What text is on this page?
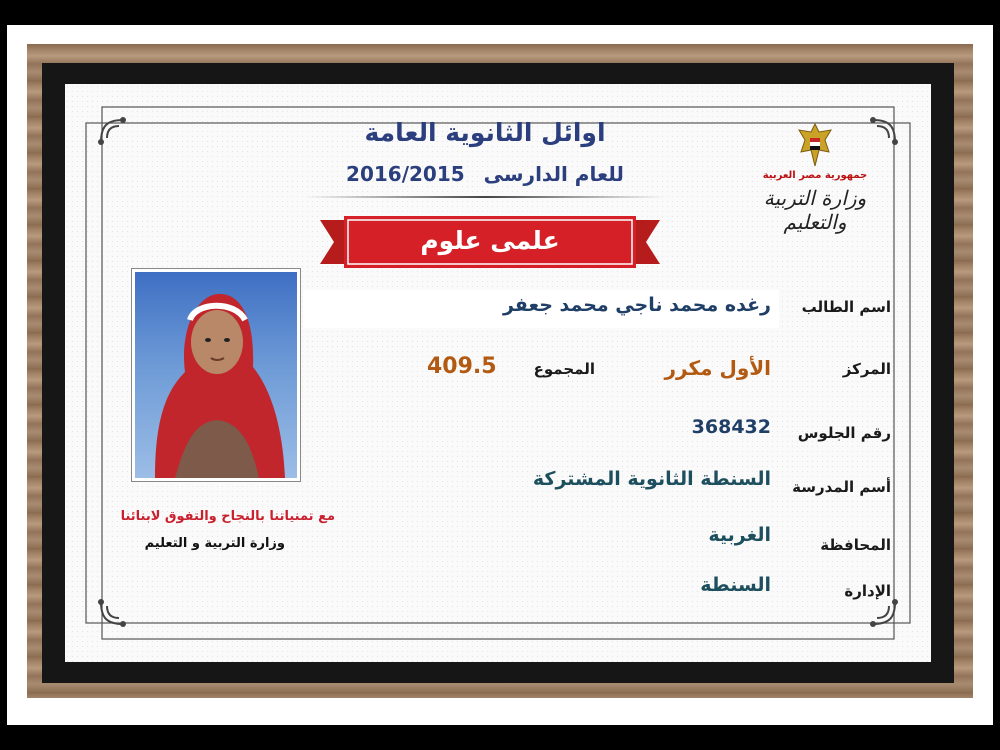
اوائل الثانوية العامة
للعام الدارسى 2016/2015	جمهورية مصر العربية
وزارة التربية والتعليم
علمى علوم
مع تمنياتنا بالنجاح والتفوق لابنائنا
وزارة التربية و التعليم
اسم الطالب
رغده محمد ناجي محمد جعفر
المركز
الأول مكرر
المجموع
409.5
رقم الجلوس
368432
أسم المدرسة
السنطة الثانوية المشتركة
المحافظة
الغربية
الإدارة
السنطة
